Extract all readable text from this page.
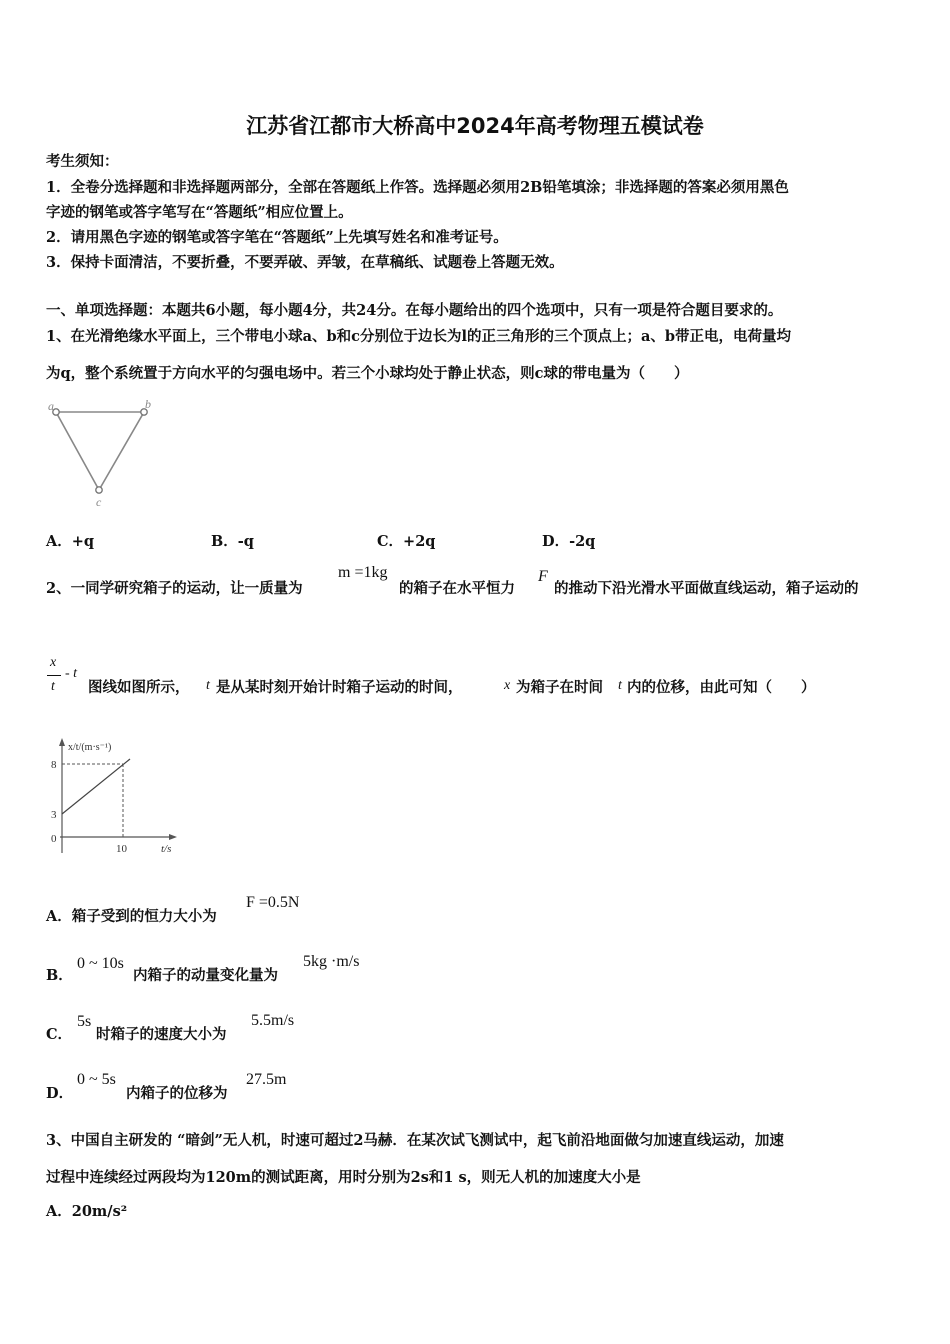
江苏省江都市大桥高中2024年高考物理五模试卷
考生须知：
1．全卷分选择题和非选择题两部分，全部在答题纸上作答。选择题必须用2B铅笔填涂；非选择题的答案必须用黑色
字迹的钢笔或答字笔写在“答题纸”相应位置上。
2．请用黑色字迹的钢笔或答字笔在“答题纸”上先填写姓名和准考证号。
3．保持卡面清洁，不要折叠，不要弄破、弄皱，在草稿纸、试题卷上答题无效。
一、单项选择题：本题共6小题，每小题4分，共24分。在每小题给出的四个选项中，只有一项是符合题目要求的。
1、在光滑绝缘水平面上，三个带电小球a、b和c分别位于边长为l的正三角形的三个顶点上；a、b带正电，电荷量均
为q，整个系统置于方向水平的匀强电场中。若三个小球均处于静止状态，则c球的带电量为（　　）
a	b
c
A．+q	B．-q	C．+2q	D．-2q
2、一同学研究箱子的运动，让一质量为
m =1kg
的箱子在水平恒力
F
的推动下沿光滑水平面做直线运动，箱子运动的
x
t
- t
图线如图所示， t 是从某时刻开始计时箱子运动的时间，	x 为箱子在时间 t 内的位移，由此可知（　　）
x/t/(m·s⁻¹)
8
3
0
10	t/s
A．箱子受到的恒力大小为
F =0.5N
B．
0 ~ 10s
内箱子的动量变化量为
5kg ·m/s
C．
5s
时箱子的速度大小为
5.5m/s
D．
0 ~ 5s
内箱子的位移为
27.5m
3、中国自主研发的 “暗剑”无人机，时速可超过2马赫．在某次试飞测试中，起飞前沿地面做匀加速直线运动，加速
过程中连续经过两段均为120m的测试距离，用时分别为2s和1 s，则无人机的加速度大小是
A．20m/s²
